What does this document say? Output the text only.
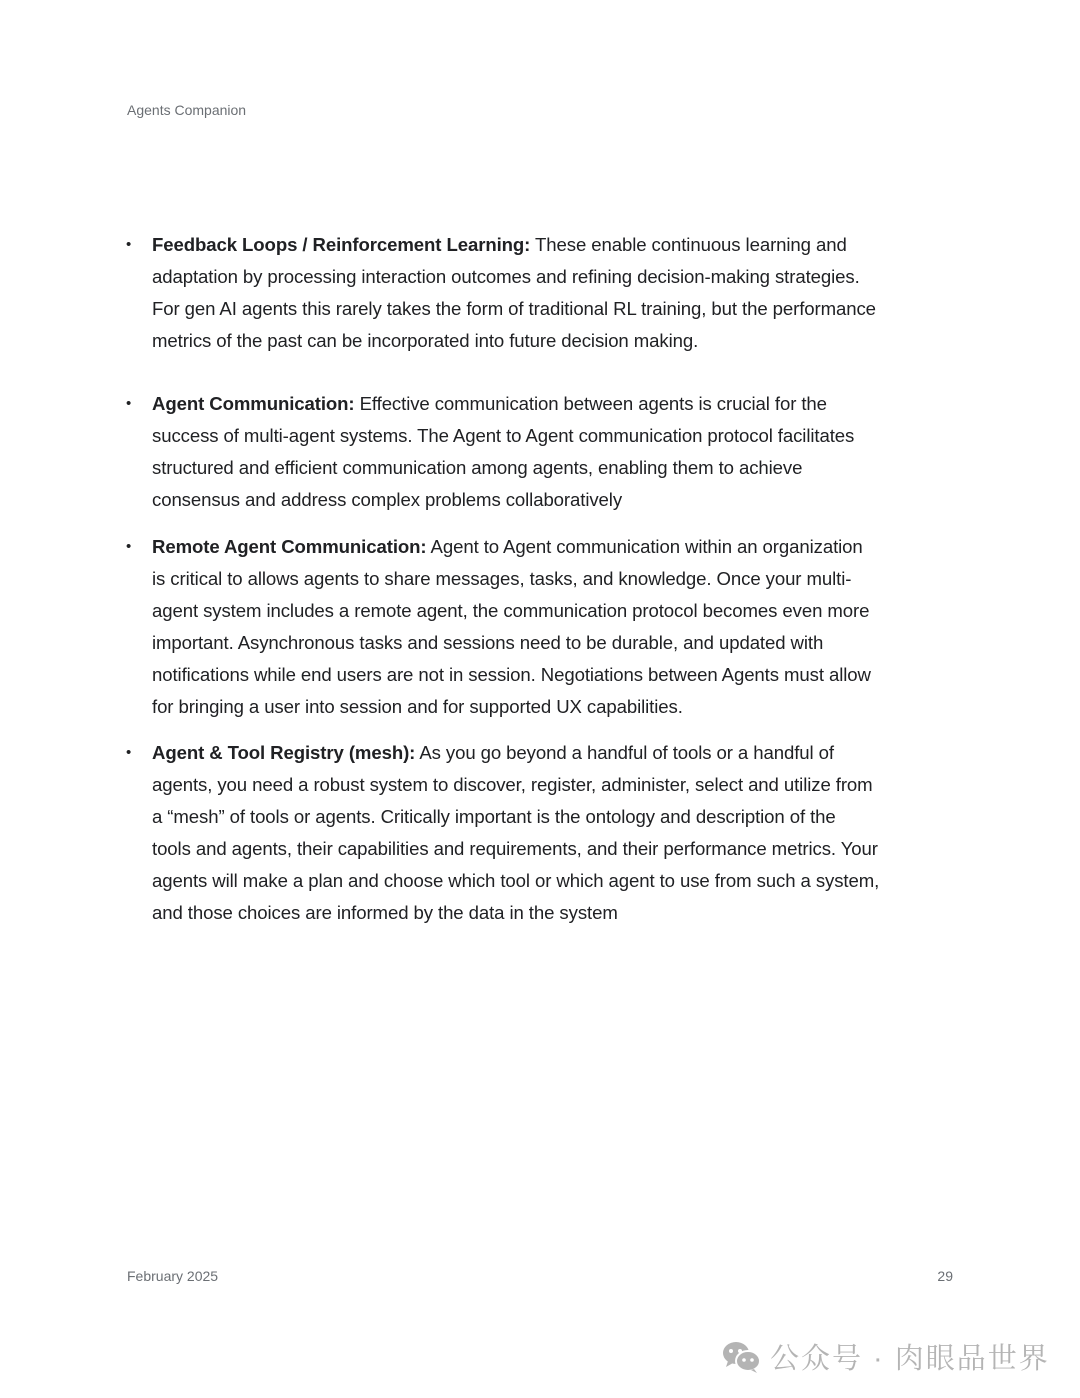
Agents Companion
• Feedback Loops / Reinforcement Learning: These enable continuous learning and
adaptation by processing interaction outcomes and refining decision-making strategies.
For gen AI agents this rarely takes the form of traditional RL training, but the performance
metrics of the past can be incorporated into future decision making.
• Agent Communication: Effective communication between agents is crucial for the
success of multi-agent systems. The Agent to Agent communication protocol facilitates
structured and efficient communication among agents, enabling them to achieve
consensus and address complex problems collaboratively
• Remote Agent Communication: Agent to Agent communication within an organization
is critical to allows agents to share messages, tasks, and knowledge. Once your multi-
agent system includes a remote agent, the communication protocol becomes even more
important. Asynchronous tasks and sessions need to be durable, and updated with
notifications while end users are not in session. Negotiations between Agents must allow
for bringing a user into session and for supported UX capabilities.
• Agent & Tool Registry (mesh): As you go beyond a handful of tools or a handful of
agents, you need a robust system to discover, register, administer, select and utilize from
a “mesh” of tools or agents. Critically important is the ontology and description of the
tools and agents, their capabilities and requirements, and their performance metrics. Your
agents will make a plan and choose which tool or which agent to use from such a system,
and those choices are informed by the data in the system
February 2025	29
公众号 · 肉眼品世界
